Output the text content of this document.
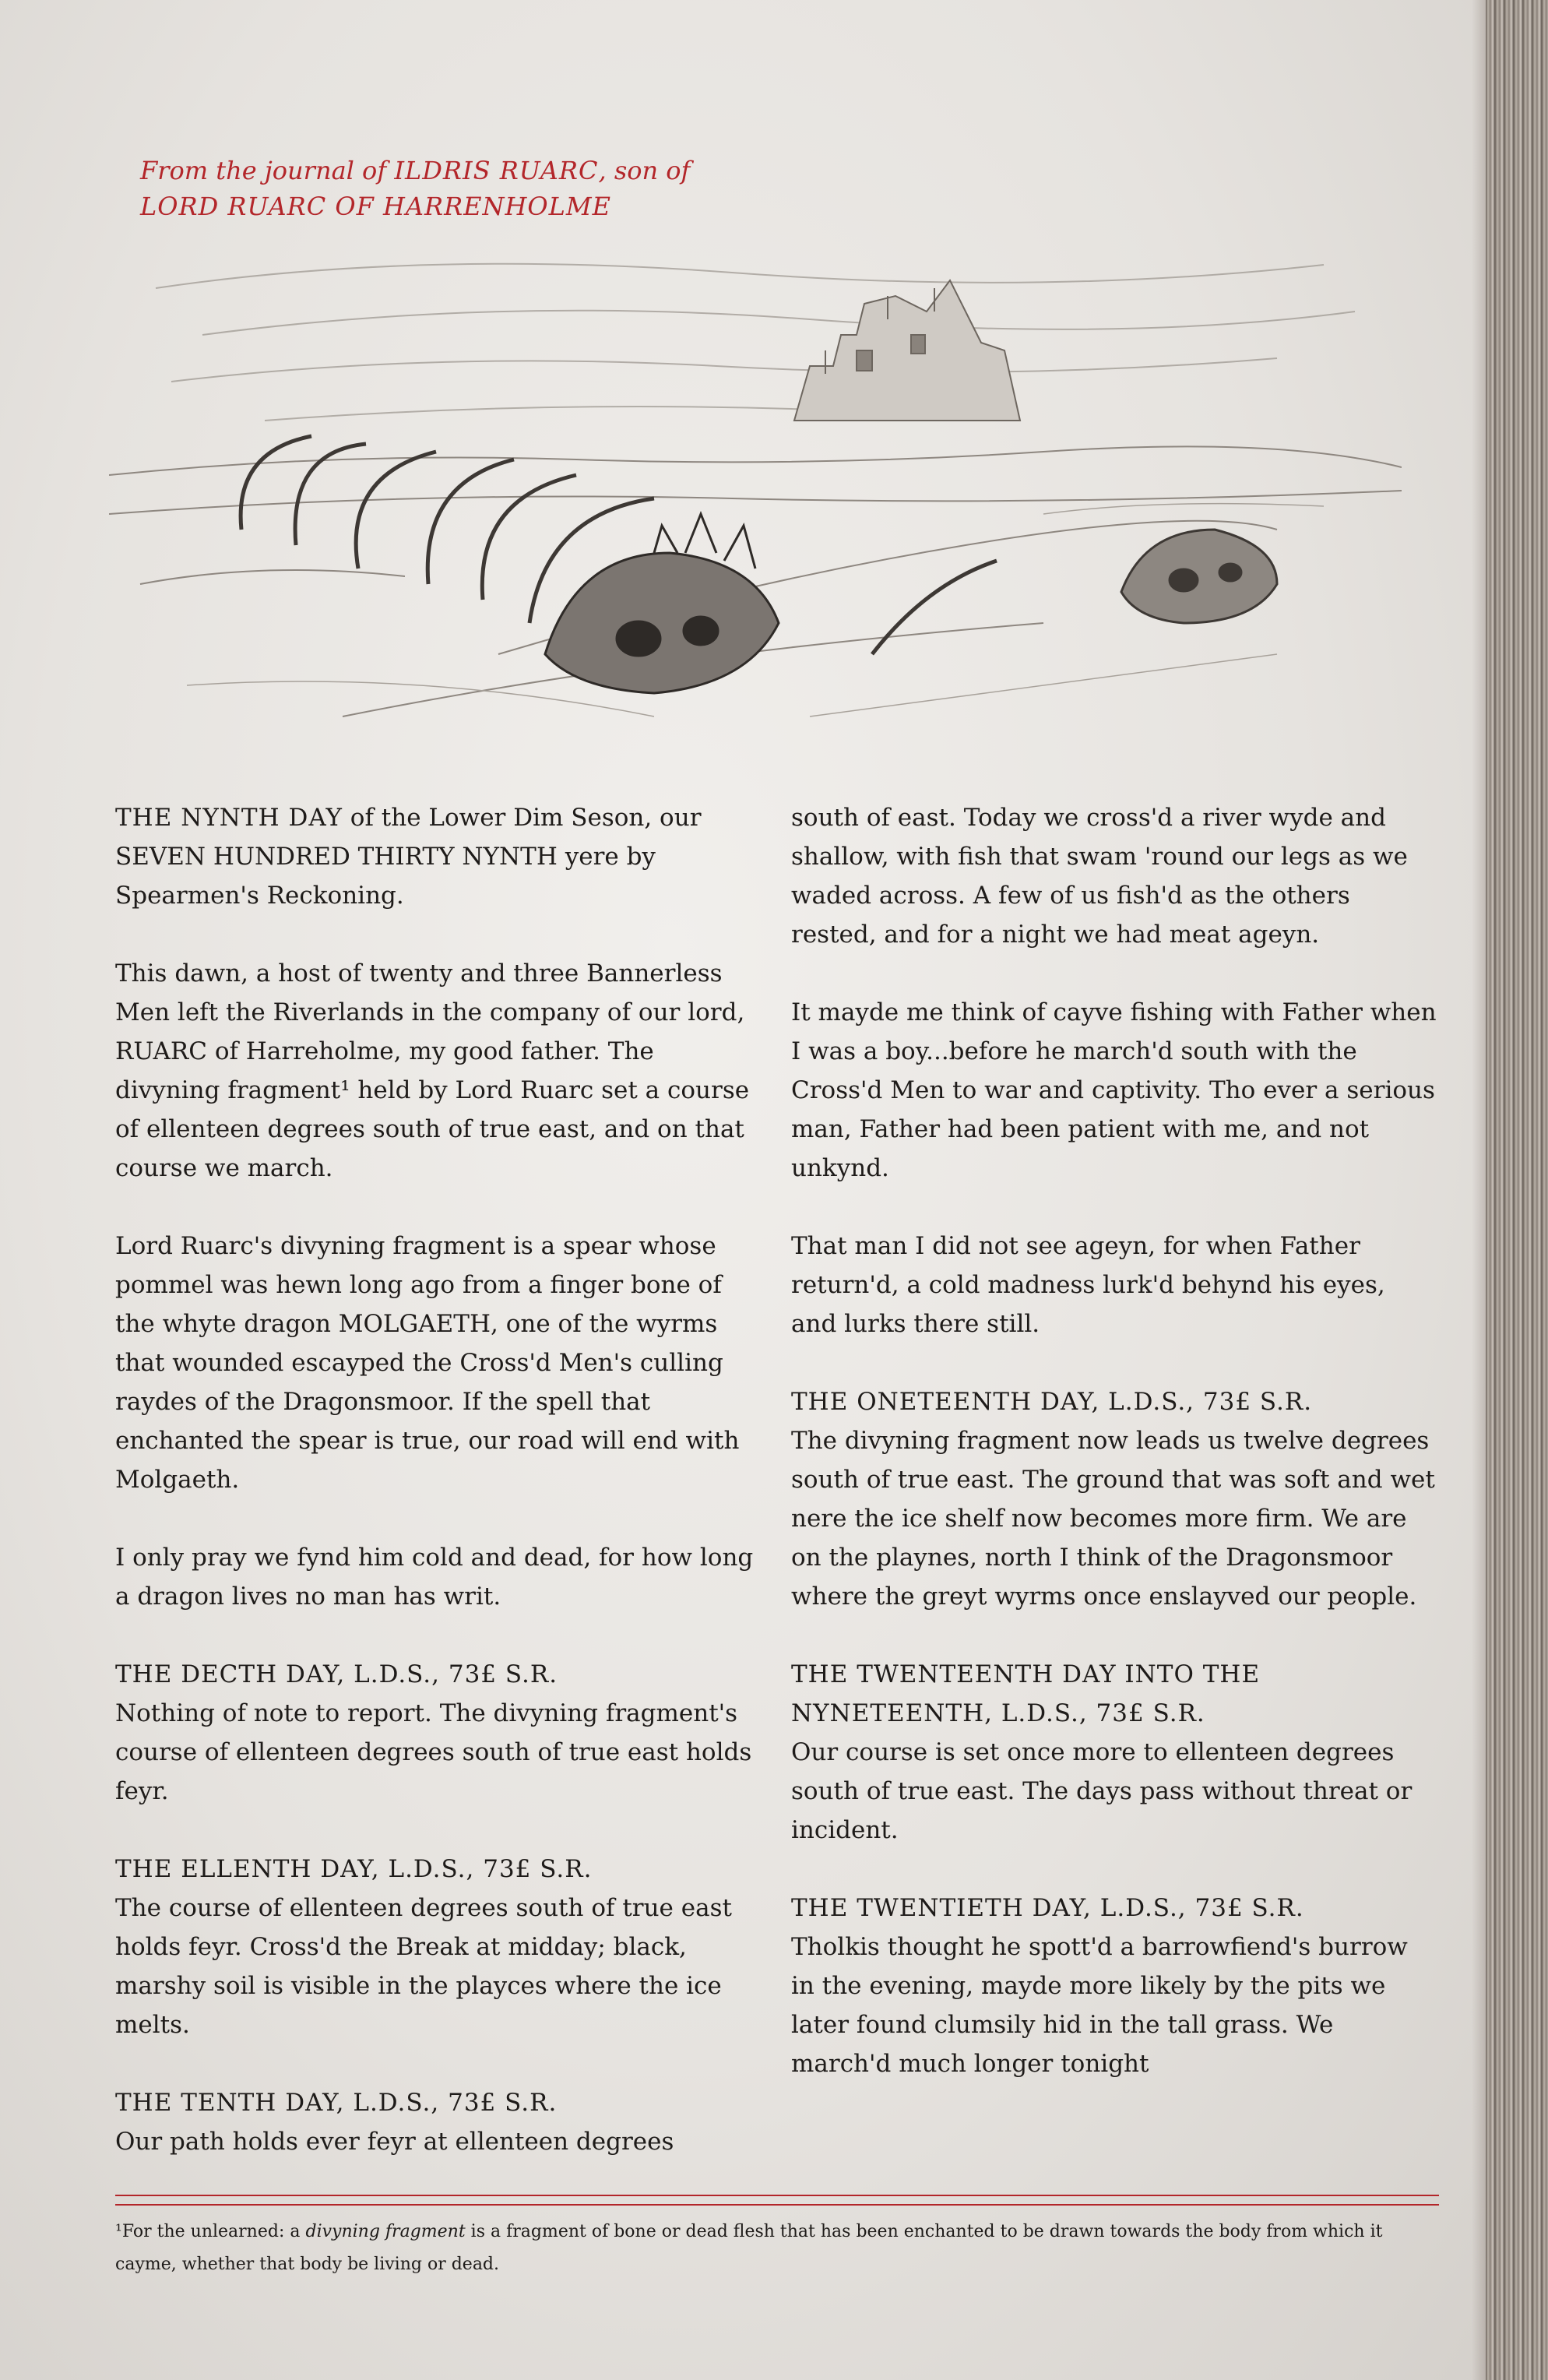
From the journal of ILDRIS RUARC, son of
LORD RUARC OF HARRENHOLME

THE NYNTH DAY of the Lower Dim Seson, our SEVEN HUNDRED THIRTY NYNTH yere by Spearmen's Reckoning.

This dawn, a host of twenty and three Bannerless Men left the Riverlands in the company of our lord, RUARC of Harreholme, my good father. The divyning fragment¹ held by Lord Ruarc set a course of ellenteen degrees south of true east, and on that course we march.

Lord Ruarc's divyning fragment is a spear whose pommel was hewn long ago from a finger bone of the whyte dragon MOLGAETH, one of the wyrms that wounded escayped the Cross'd Men's culling raydes of the Dragonsmoor. If the spell that enchanted the spear is true, our road will end with Molgaeth.

I only pray we fynd him cold and dead, for how long a dragon lives no man has writ.

THE DECTH DAY, L.D.S., 73£ S.R.
Nothing of note to report. The divyning fragment's course of ellenteen degrees south of true east holds feyr.

THE ELLENTH DAY, L.D.S., 73£ S.R.
The course of ellenteen degrees south of true east holds feyr. Cross'd the Break at midday; black, marshy soil is visible in the playces where the ice melts.

THE TENTH DAY, L.D.S., 73£ S.R.
Our path holds ever feyr at ellenteen degrees

south of east. Today we cross'd a river wyde and shallow, with fish that swam 'round our legs as we waded across. A few of us fish'd as the others rested, and for a night we had meat ageyn.

It mayde me think of cayve fishing with Father when I was a boy...before he march'd south with the Cross'd Men to war and captivity. Tho ever a serious man, Father had been patient with me, and not unkynd.

That man I did not see ageyn, for when Father return'd, a cold madness lurk'd behynd his eyes, and lurks there still.

THE ONETEENTH DAY, L.D.S., 73£ S.R.
The divyning fragment now leads us twelve degrees south of true east. The ground that was soft and wet nere the ice shelf now becomes more firm. We are on the playnes, north I think of the Dragonsmoor where the greyt wyrms once enslayved our people.

THE TWENTEENTH DAY INTO THE NYNETEENTH, L.D.S., 73£ S.R.
Our course is set once more to ellenteen degrees south of true east. The days pass without threat or incident.

THE TWENTIETH DAY, L.D.S., 73£ S.R.
Tholkis thought he spott'd a barrowfiend's burrow in the evening, mayde more likely by the pits we later found clumsily hid in the tall grass. We march'd much longer tonight

¹For the unlearned: a divyning fragment is a fragment of bone or dead flesh that has been enchanted to be drawn towards the body from which it cayme, whether that body be living or dead.
